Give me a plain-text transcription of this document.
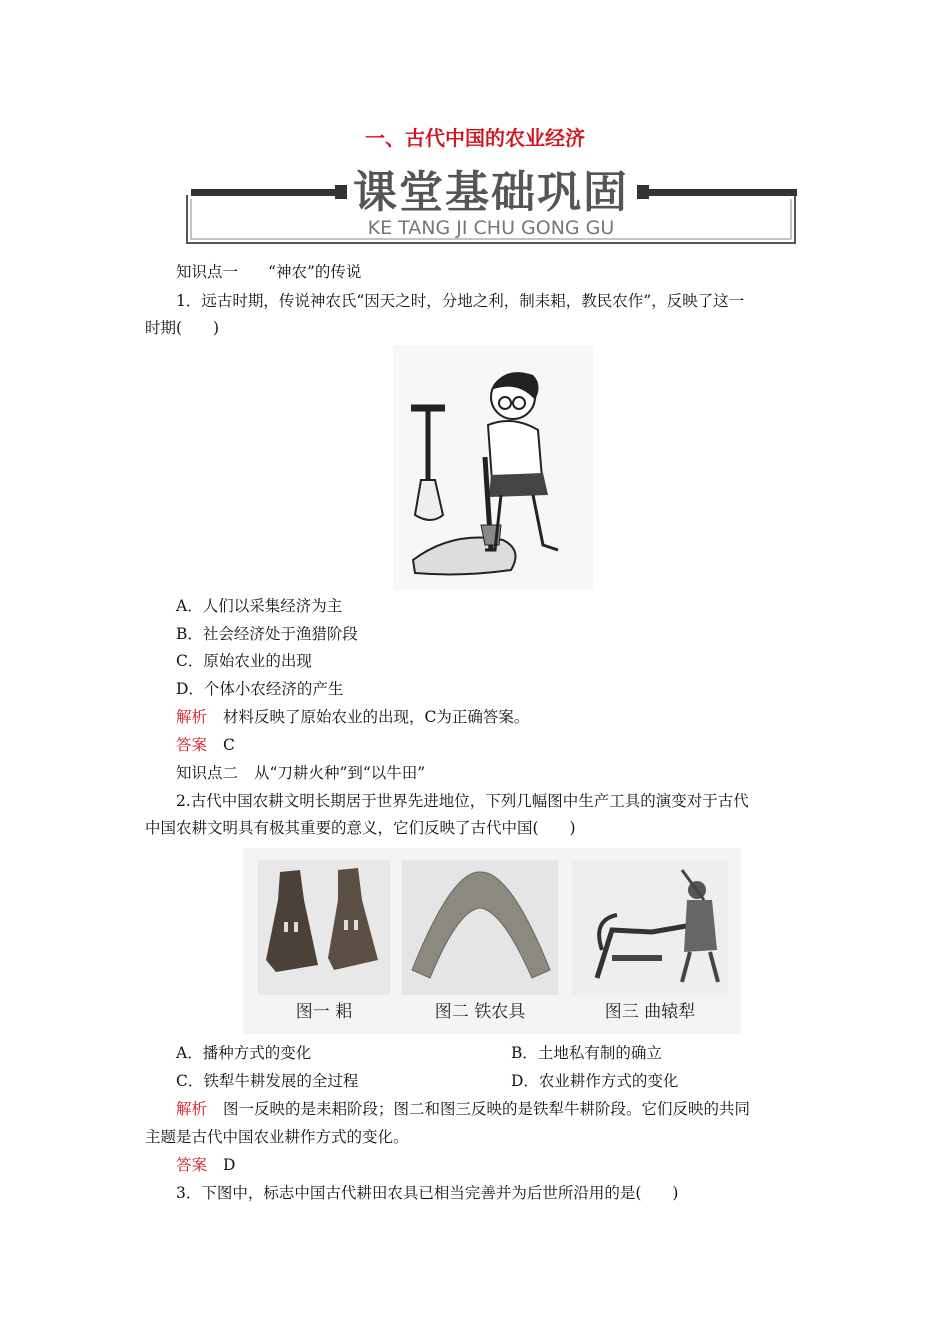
一、古代中国的农业经济
课堂基础巩固
KE TANG JI CHU GONG GU
知识点一 “神农”的传说
1．远古时期，传说神农氏“因天之时，分地之利，制耒耜，教民农作”，反映了这一
时期(　　)
A．人们以采集经济为主
B．社会经济处于渔猎阶段
C．原始农业的出现
D．个体小农经济的产生
解析 材料反映了原始农业的出现，C为正确答案。
答案 C
知识点二 从“刀耕火种”到“以牛田”
2.古代中国农耕文明长期居于世界先进地位，下列几幅图中生产工具的演变对于古代
中国农耕文明具有极其重要的意义，它们反映了古代中国(　　)
图一 耜	图二 铁农具	图三 曲辕犁
A．播种方式的变化	B．土地私有制的确立
C．铁犁牛耕发展的全过程	D．农业耕作方式的变化
解析 图一反映的是耒耜阶段；图二和图三反映的是铁犁牛耕阶段。它们反映的共同
主题是古代中国农业耕作方式的变化。
答案 D
3．下图中，标志中国古代耕田农具已相当完善并为后世所沿用的是(　　)
